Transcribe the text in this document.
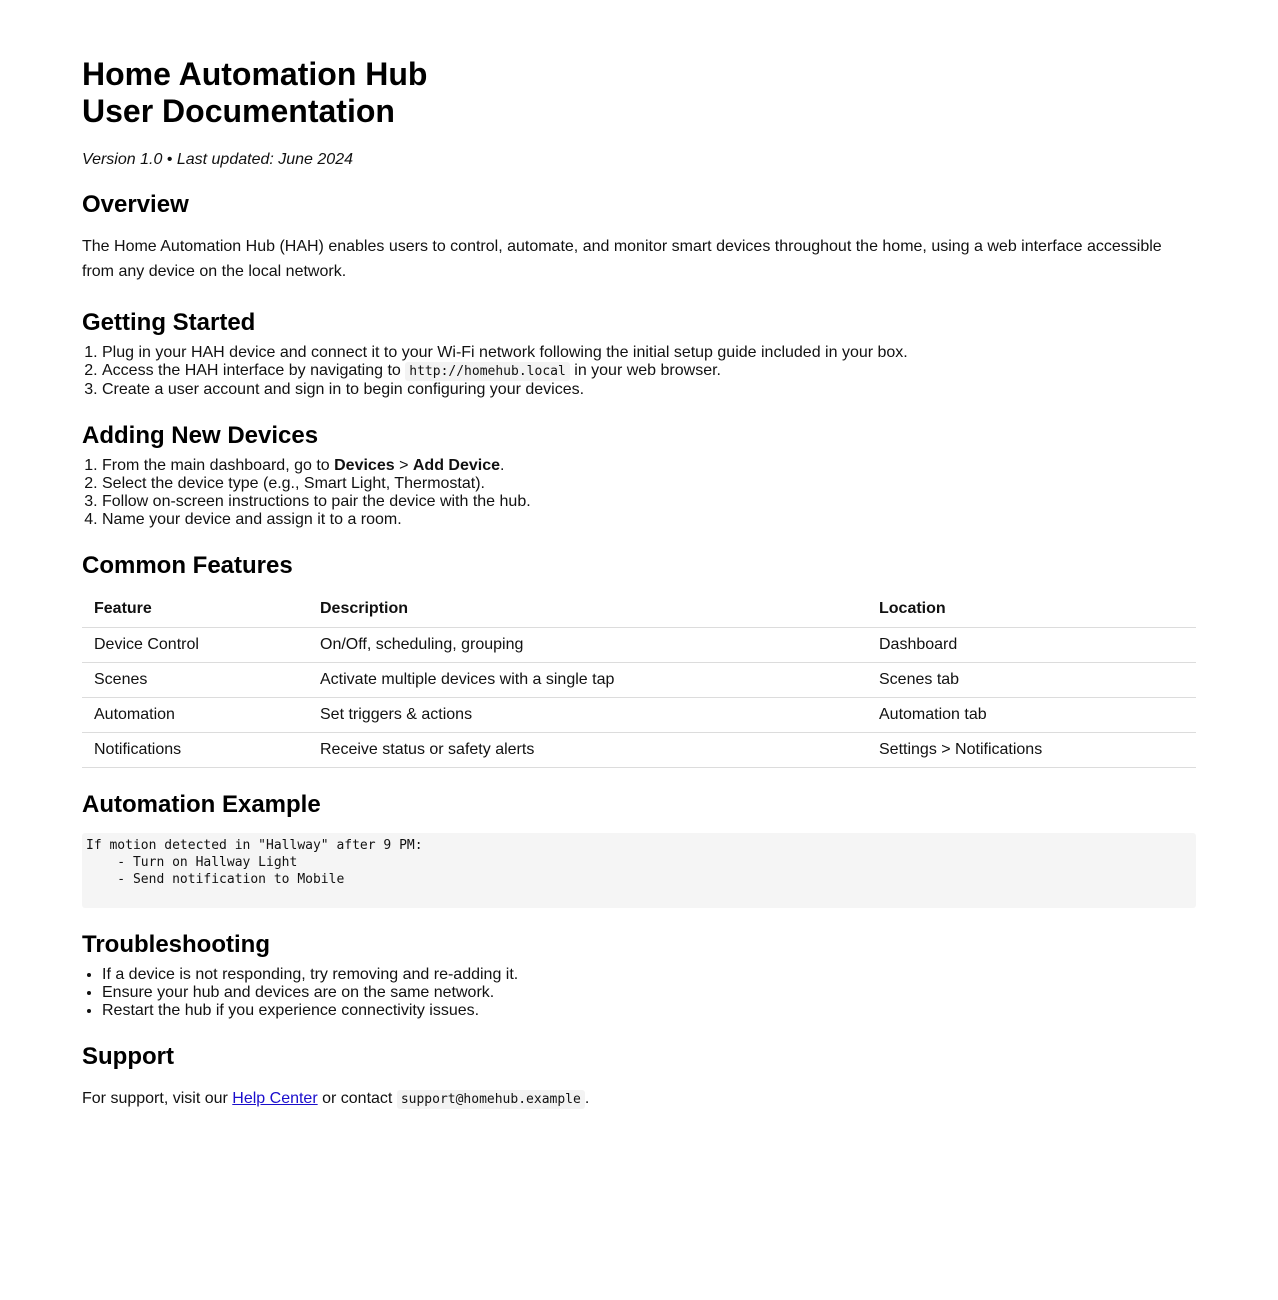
Home Automation Hub
User Documentation
Version 1.0 • Last updated: June 2024
Overview

The Home Automation Hub (HAH) enables users to control, automate, and monitor smart devices throughout the home, using a web interface accessible from any device on the local network.

Getting Started
1. Plug in your HAH device and connect it to your Wi-Fi network following the initial setup guide included in your box.
2. Access the HAH interface by navigating to http://homehub.local in your web browser.
3. Create a user account and sign in to begin configuring your devices.
Adding New Devices
1. From the main dashboard, go to Devices > Add Device.
2. Select the device type (e.g., Smart Light, Thermostat).
3. Follow on-screen instructions to pair the device with the hub.
4. Name your device and assign it to a room.
Common Features
Feature	Description	Location
Device Control	On/Off, scheduling, grouping	Dashboard
Scenes	Activate multiple devices with a single tap	Scenes tab
Automation	Set triggers & actions	Automation tab
Notifications	Receive status or safety alerts	Settings > Notifications
Automation Example
If motion detected in "Hallway" after 9 PM:
- Turn on Hallway Light
- Send notification to Mobile
Troubleshooting
• If a device is not responding, try removing and re-adding it.
• Ensure your hub and devices are on the same network.
• Restart the hub if you experience connectivity issues.
Support

For support, visit our Help Center or contact support@homehub.example .
